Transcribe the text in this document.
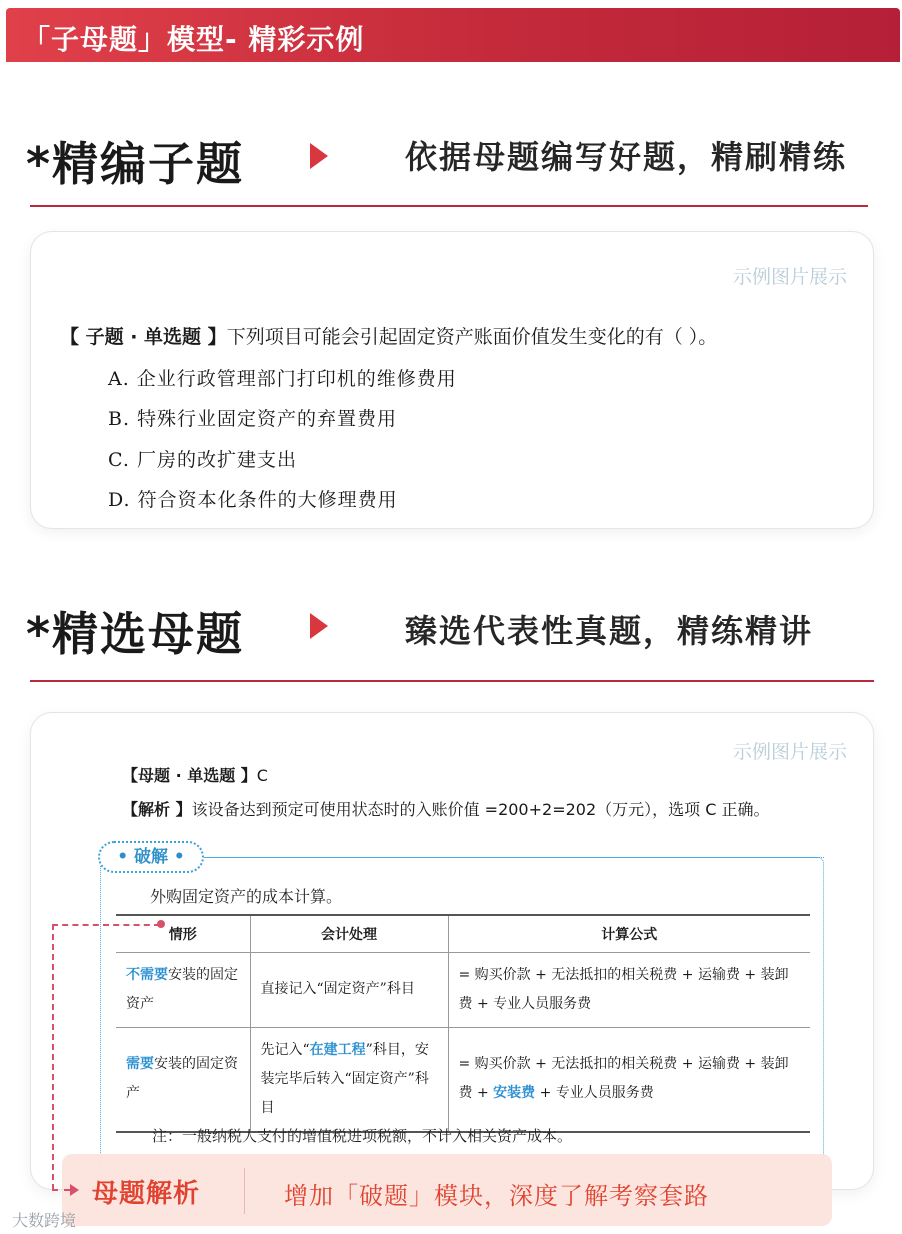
「子母题」模型- 精彩示例
*精编子题	依据母题编写好题，精刷精练
示例图片展示
【 子题 · 单选题 】下列项目可能会引起固定资产账面价值发生变化的有（ ）。
A. 企业行政管理部门打印机的维修费用
B. 特殊行业固定资产的弃置费用
C. 厂房的改扩建支出
D. 符合资本化条件的大修理费用
*精选母题	臻选代表性真题，精练精讲
示例图片展示
【母题 · 单选题 】C
【解析 】该设备达到预定可使用状态时的入账价值 =200+2=202（万元），选项 C 正确。
• 破解 •
外购固定资产的成本计算。
情形	会计处理	计算公式
不需要安装的固定资产	直接记入“固定资产”科目	= 购买价款 + 无法抵扣的相关税费 + 运输费 + 装卸费 + 专业人员服务费
需要安装的固定资产	先记入“在建工程”科目，安装完毕后转入“固定资产”科目	= 购买价款 + 无法抵扣的相关税费 + 运输费 + 装卸费 + 安装费 + 专业人员服务费
注：一般纳税人支付的增值税进项税额，不计入相关资产成本。
母题解析	增加「破题」模块，深度了解考察套路
大数跨境
